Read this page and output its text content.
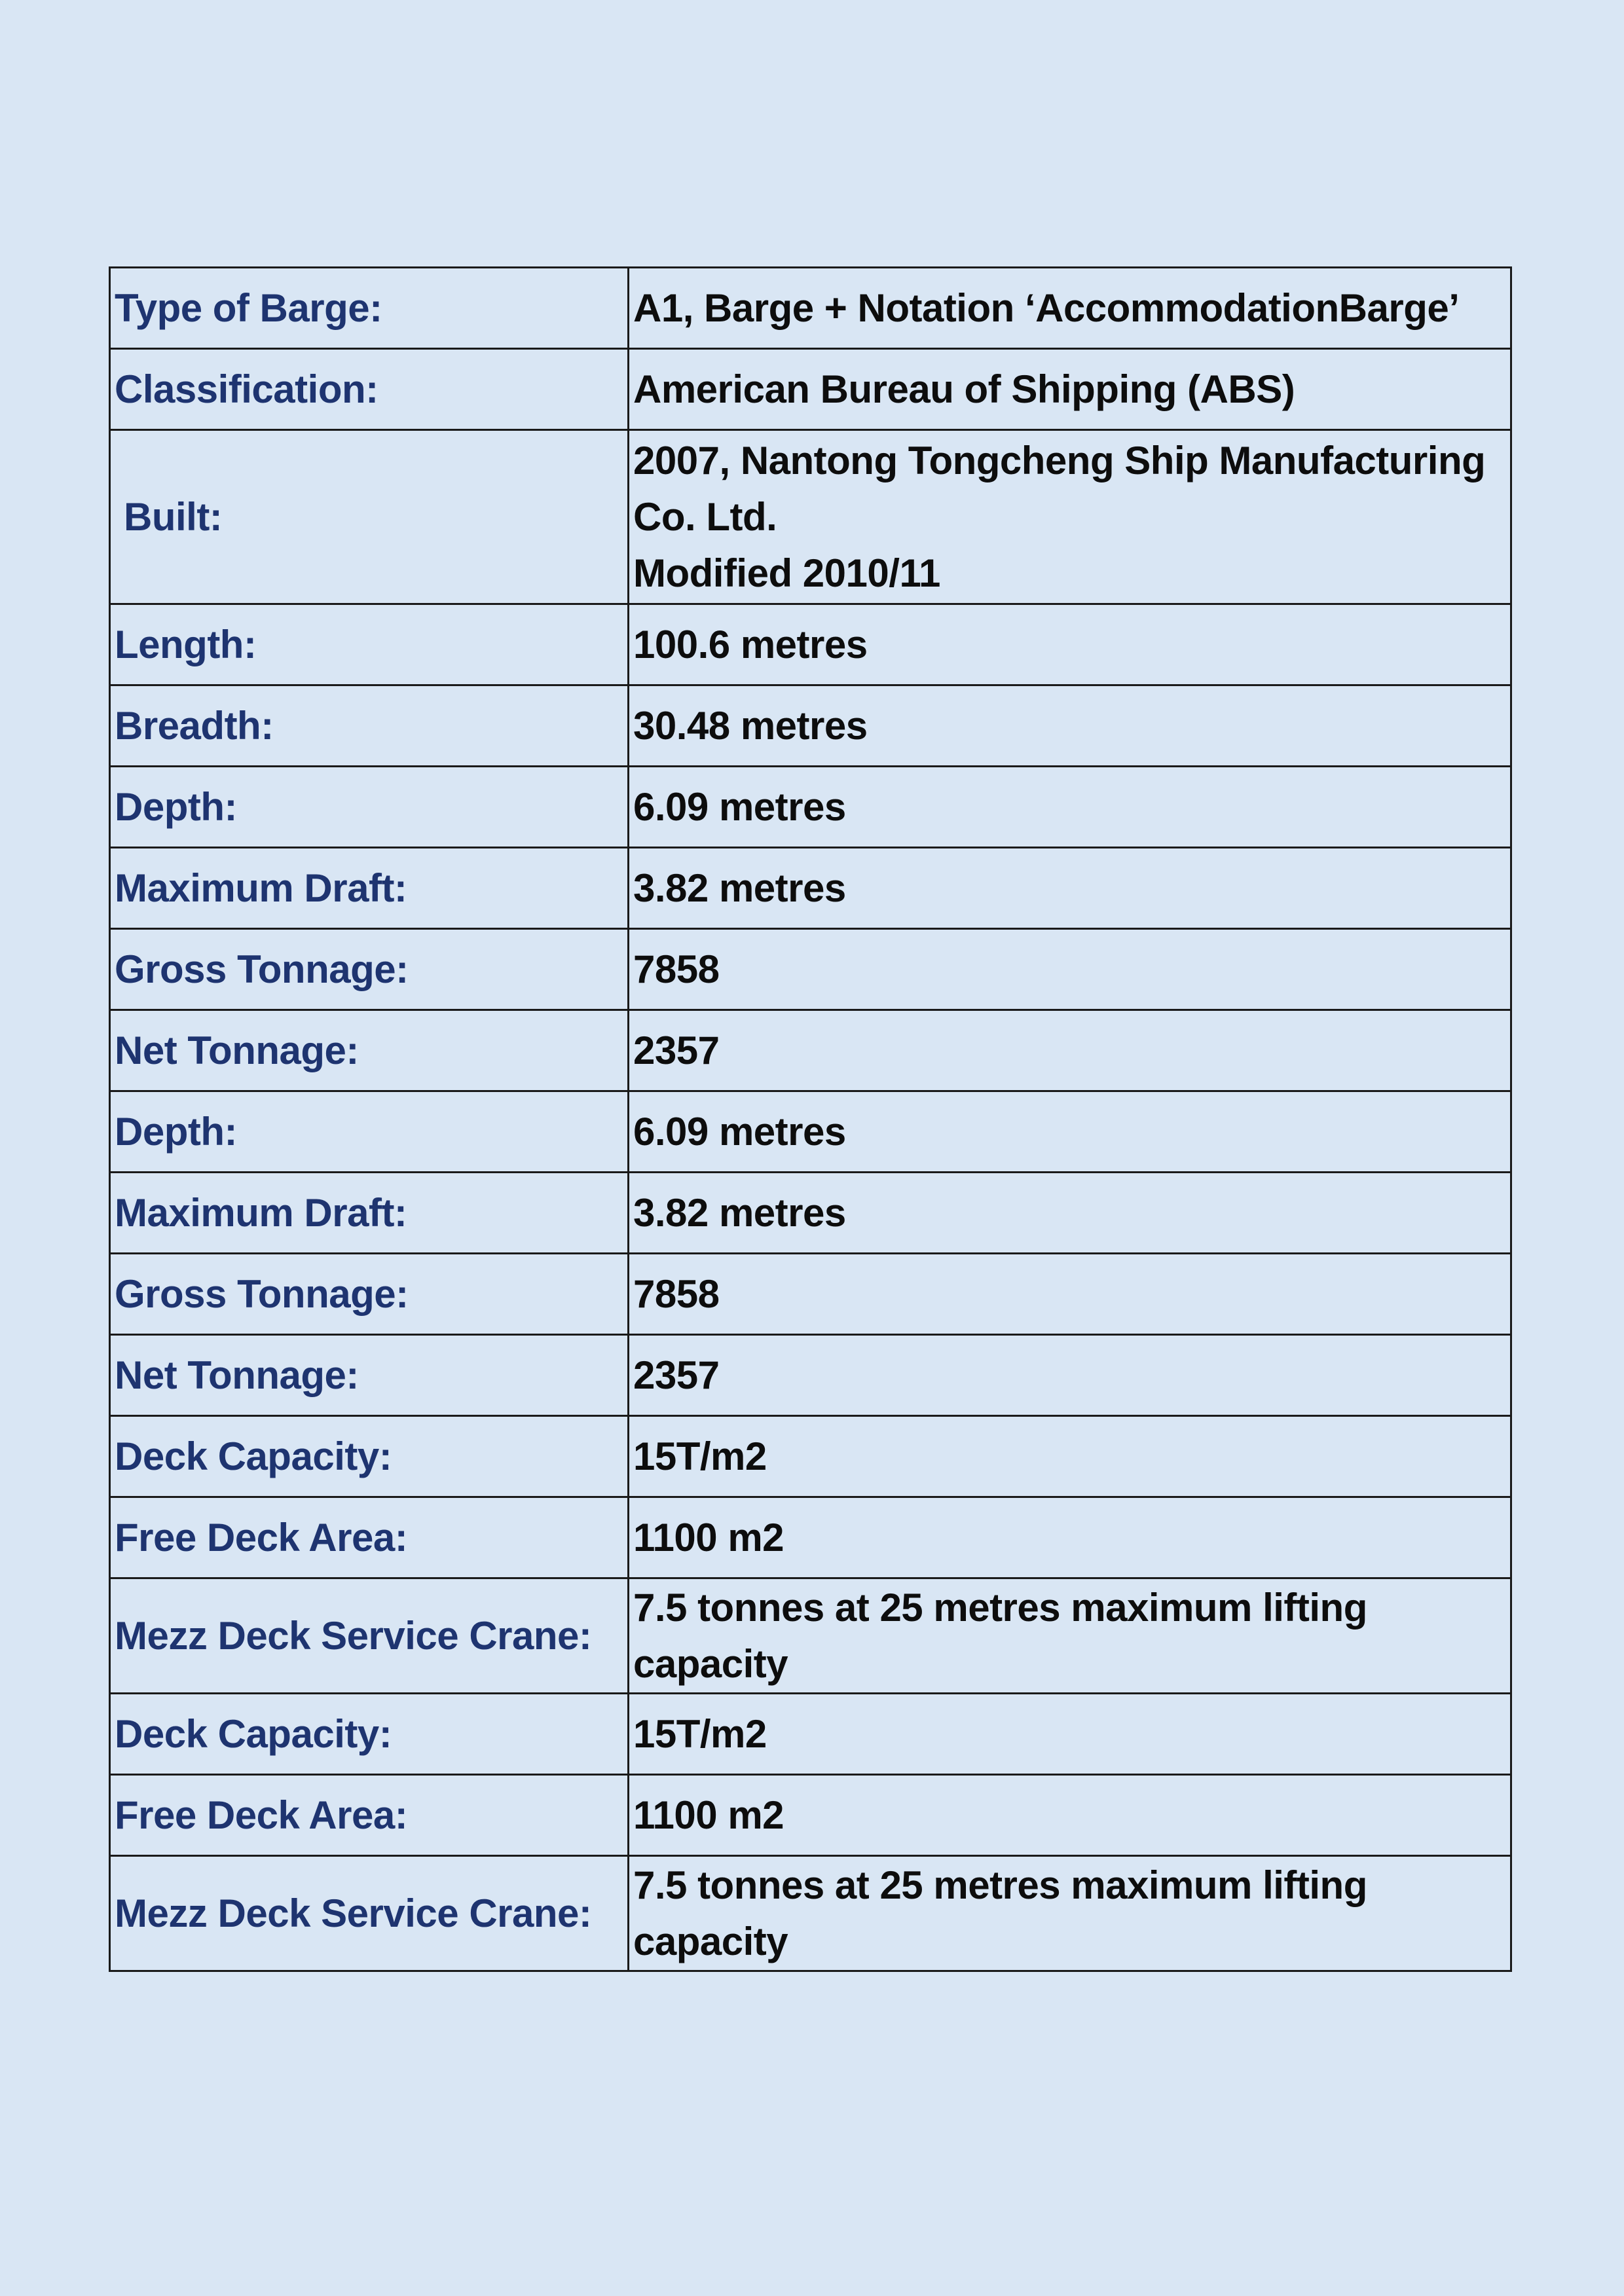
Type of Barge:	A1, Barge + Notation ‘AccommodationBarge’
Classification:	American Bureau of Shipping (ABS)
Built:	2007, Nantong Tongcheng Ship Manufacturing
Co. Ltd.
Modified 2010/11

Length:	100.6 metres
Breadth:	30.48 metres
Depth:	6.09 metres
Maximum Draft:	3.82 metres
Gross Tonnage:	7858
Net Tonnage:	2357
Depth:	6.09 metres
Maximum Draft:	3.82 metres
Gross Tonnage:	7858
Net Tonnage:	2357
Deck Capacity:	15T/m2
Free Deck Area:	1100 m2
Mezz Deck Service Crane:	7.5 tonnes at 25 metres maximum lifting capacity
Deck Capacity:	15T/m2
Free Deck Area:	1100 m2
Mezz Deck Service Crane:	7.5 tonnes at 25 metres maximum lifting capacity
